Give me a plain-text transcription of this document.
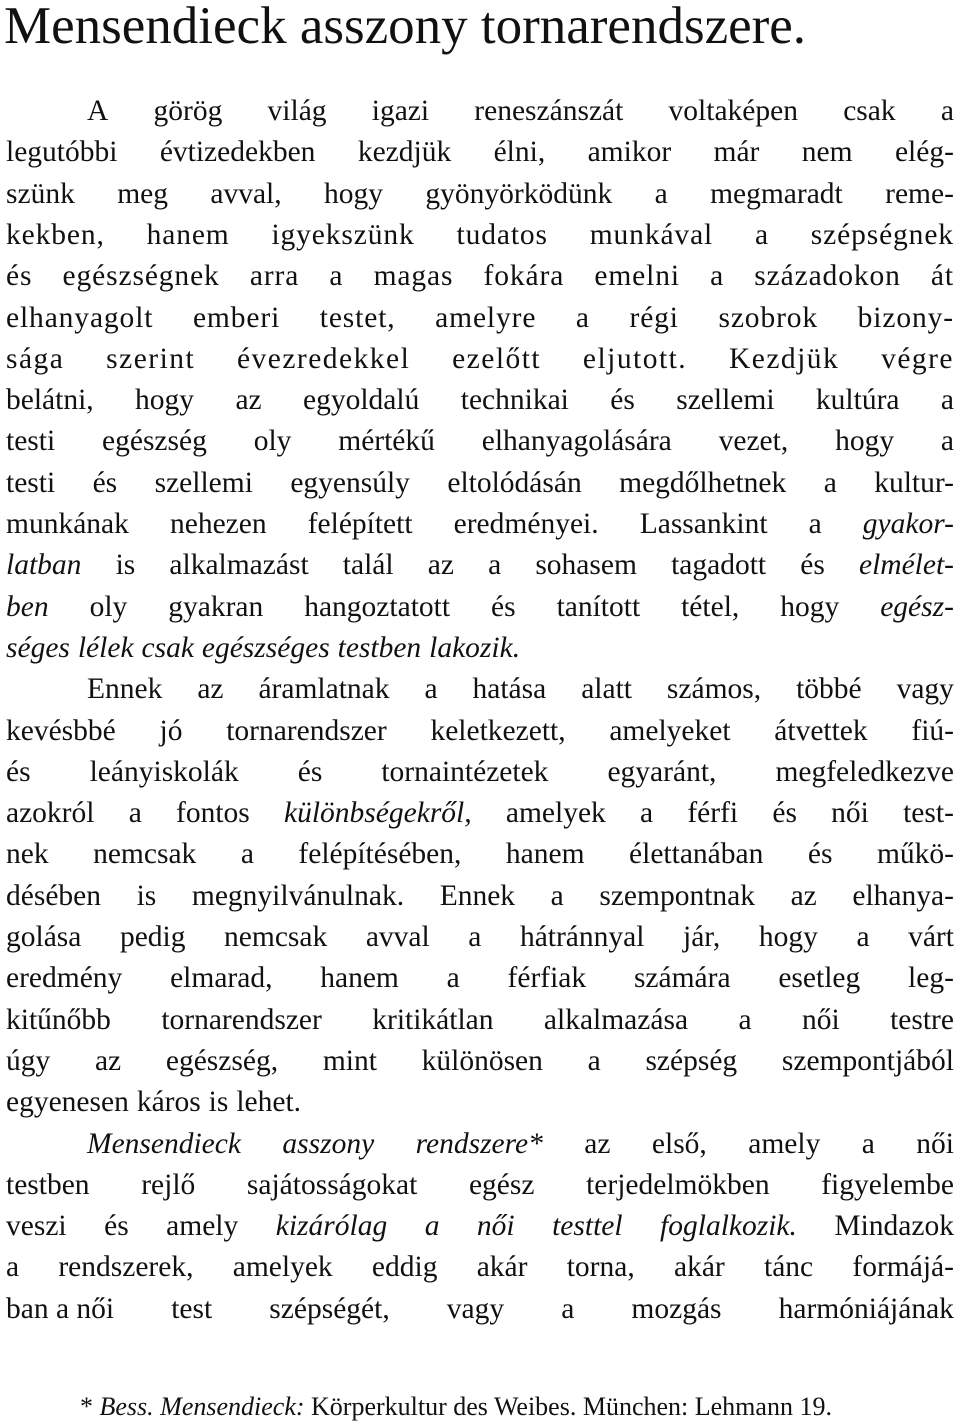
Mensendieck asszony tornarendszere.
A görög világ igazi reneszánszát voltaképen csak a
legutóbbi évtizedekben kezdjük élni, amikor már nem elég-
szünk meg avval, hogy gyönyörködünk a megmaradt reme-
kekben, hanem igyekszünk tudatos munkával a szépségnek
és egészségnek arra a magas fokára emelni a századokon át
elhanyagolt emberi testet, amelyre a régi szobrok bizony-
sága szerint évezredekkel ezelőtt eljutott. Kezdjük végre
belátni, hogy az egyoldalú technikai és szellemi kultúra a
testi egészség oly mértékű elhanyagolására vezet, hogy a
testi és szellemi egyensúly eltolódásán megdőlhetnek a kultur-
munkának nehezen felépített eredményei. Lassankint a gyakor-
latban is alkalmazást talál az a sohasem tagadott és elmélet-
ben oly gyakran hangoztatott és tanított tétel, hogy egész-
séges lélek csak egészséges testben lakozik.
Ennek az áramlatnak a hatása alatt számos, többé vagy
kevésbbé jó tornarendszer keletkezett, amelyeket átvettek fiú-
és leányiskolák és tornaintézetek egyaránt, megfeledkezve
azokról a fontos különbségekről, amelyek a férfi és női test-
nek nemcsak a felépítésében, hanem élettanában és műkö-
désében is megnyilvánulnak. Ennek a szempontnak az elhanya-
golása pedig nemcsak avval a hátránnyal jár, hogy a várt
eredmény elmarad, hanem a férfiak számára esetleg leg-
kitűnőbb tornarendszer kritikátlan alkalmazása a női testre
úgy az egészség, mint különösen a szépség szempontjából
egyenesen káros is lehet.
Mensendieck asszony rendszere* az első, amely a női
testben rejlő sajátosságokat egész terjedelmökben figyelembe
veszi és amely kizárólag a női testtel foglalkozik. Mindazok
a rendszerek, amelyek eddig akár torna, akár tánc formájá-
ban a női test szépségét, vagy a mozgás harmóniájának
* Bess. Mensendieck: Körperkultur des Weibes. München: Lehmann 19.
